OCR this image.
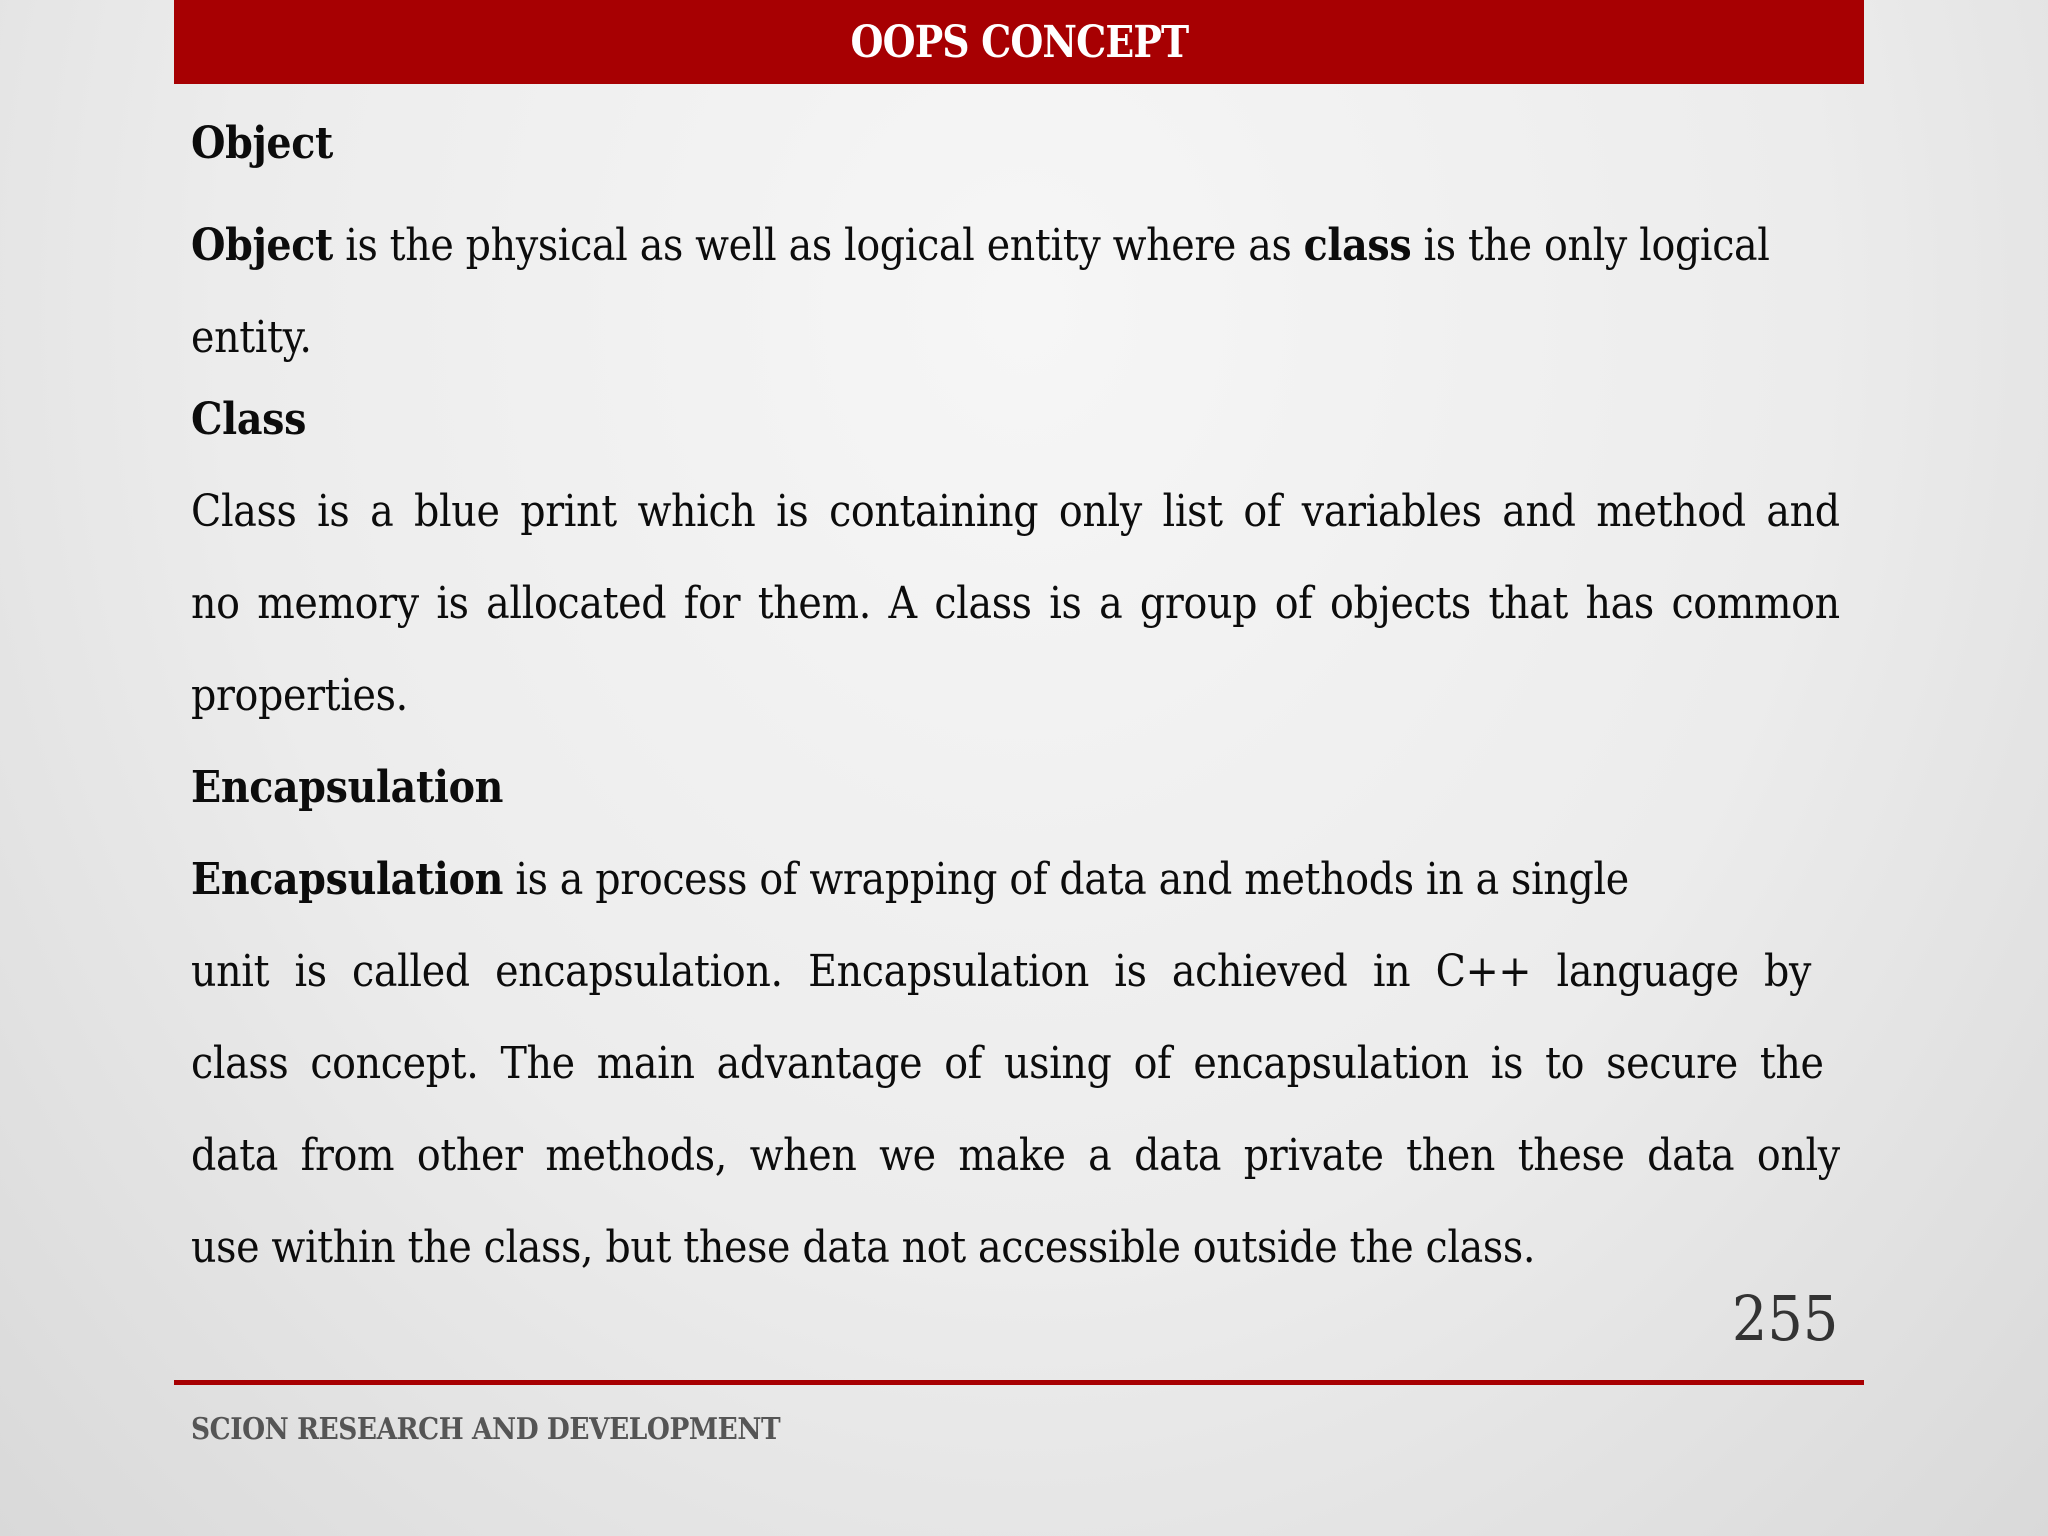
OOPS CONCEPT
Object
Object is the physical as well as logical entity where as class is the only logical
entity.
Class
Class is a blue print which is containing only list of variables and method and
no memory is allocated for them. A class is a group of objects that has common
properties.
Encapsulation
Encapsulation is a process of wrapping of data and methods in a single
unit is called encapsulation. Encapsulation is achieved in C++ language by
class concept. The main advantage of using of encapsulation is to secure the
data from other methods, when we make a data private then these data only
use within the class, but these data not accessible outside the class.
255
SCION RESEARCH AND DEVELOPMENT
